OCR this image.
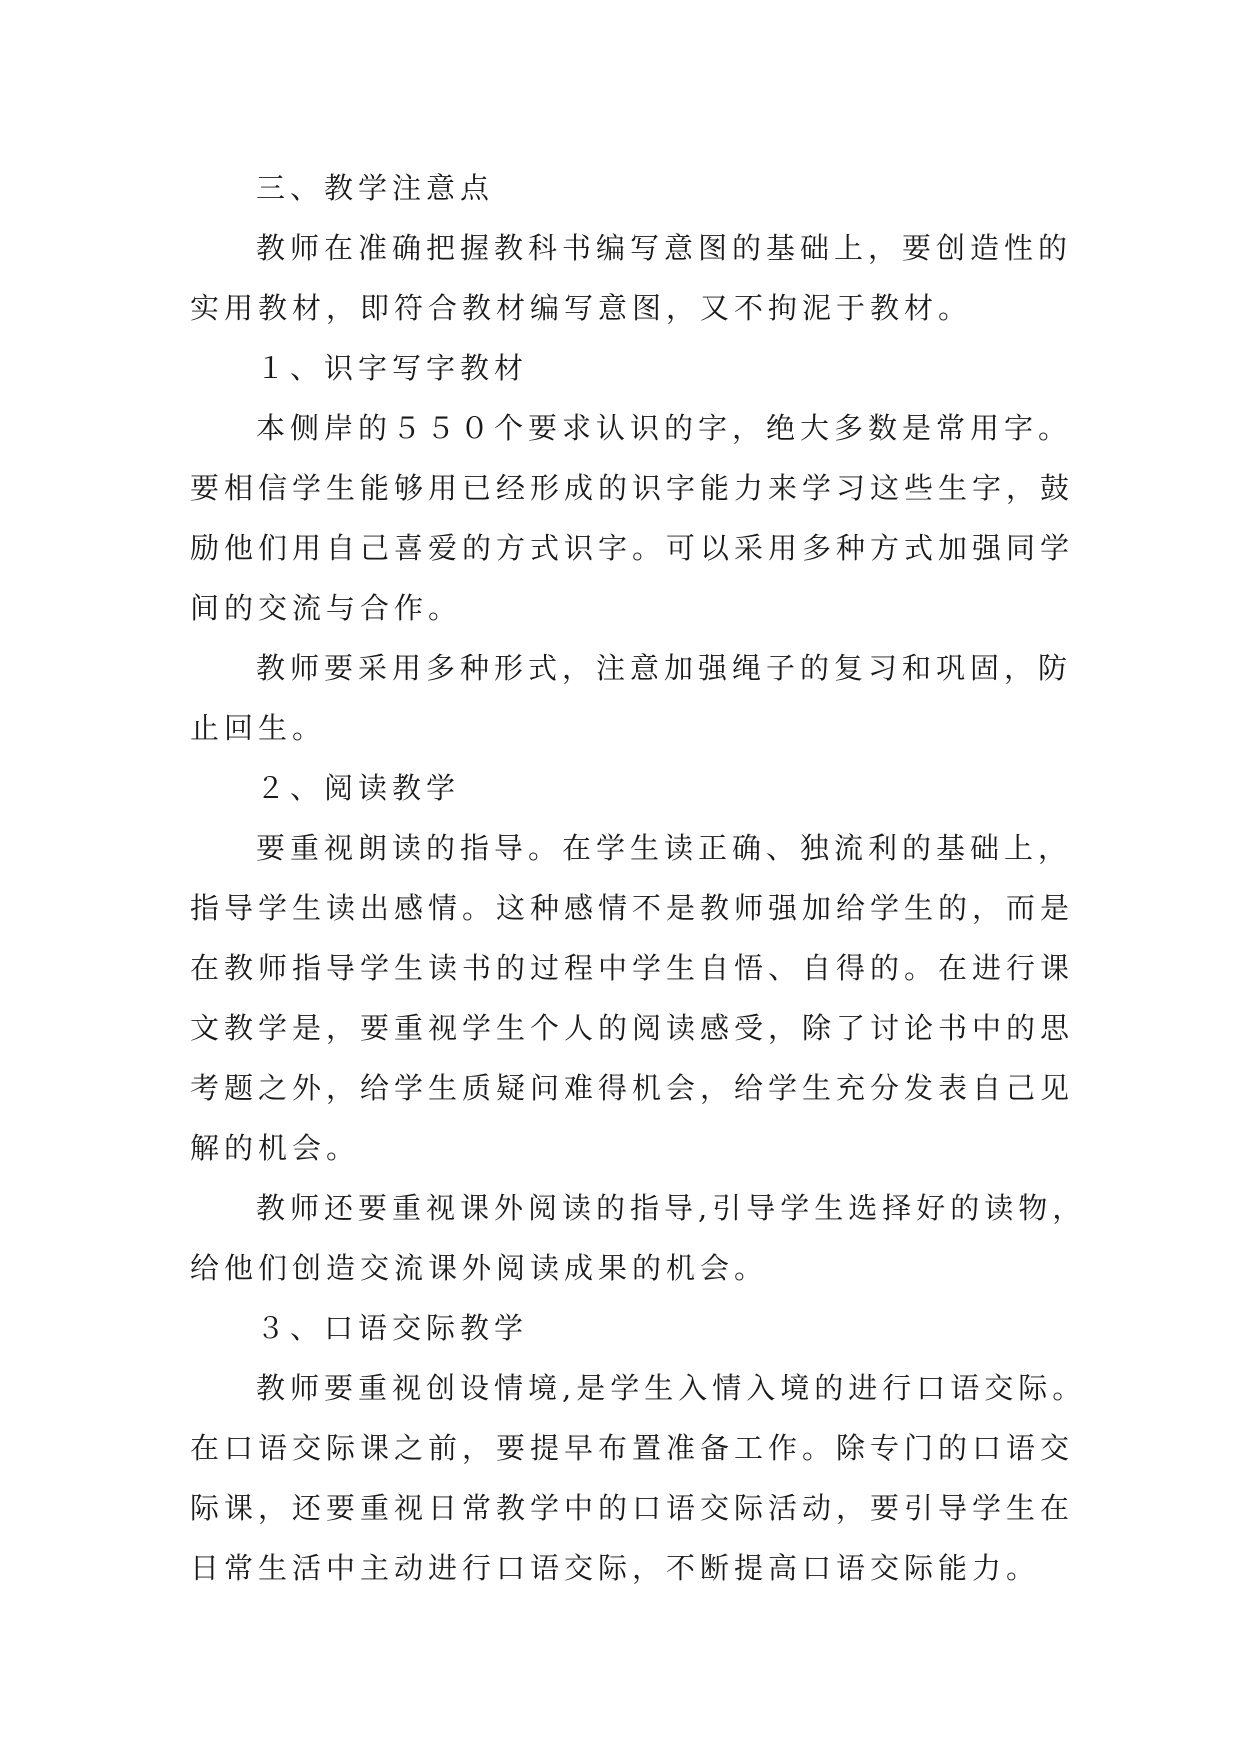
三、教学注意点
教师在准确把握教科书编写意图的基础上，要创造性的
实用教材，即符合教材编写意图，又不拘泥于教材。
１、识字写字教材
本侧岸的５５０个要求认识的字，绝大多数是常用字。
要相信学生能够用已经形成的识字能力来学习这些生字，鼓
励他们用自己喜爱的方式识字。可以采用多种方式加强同学
间的交流与合作。
教师要采用多种形式，注意加强绳子的复习和巩固，防
止回生。
２、阅读教学
要重视朗读的指导。在学生读正确、独流利的基础上，
指导学生读出感情。这种感情不是教师强加给学生的，而是
在教师指导学生读书的过程中学生自悟、自得的。在进行课
文教学是，要重视学生个人的阅读感受，除了讨论书中的思
考题之外，给学生质疑问难得机会，给学生充分发表自己见
解的机会。
教师还要重视课外阅读的指导,引导学生选择好的读物，
给他们创造交流课外阅读成果的机会。
３、口语交际教学
教师要重视创设情境,是学生入情入境的进行口语交际。
在口语交际课之前，要提早布置准备工作。除专门的口语交
际课，还要重视日常教学中的口语交际活动，要引导学生在
日常生活中主动进行口语交际，不断提高口语交际能力。
